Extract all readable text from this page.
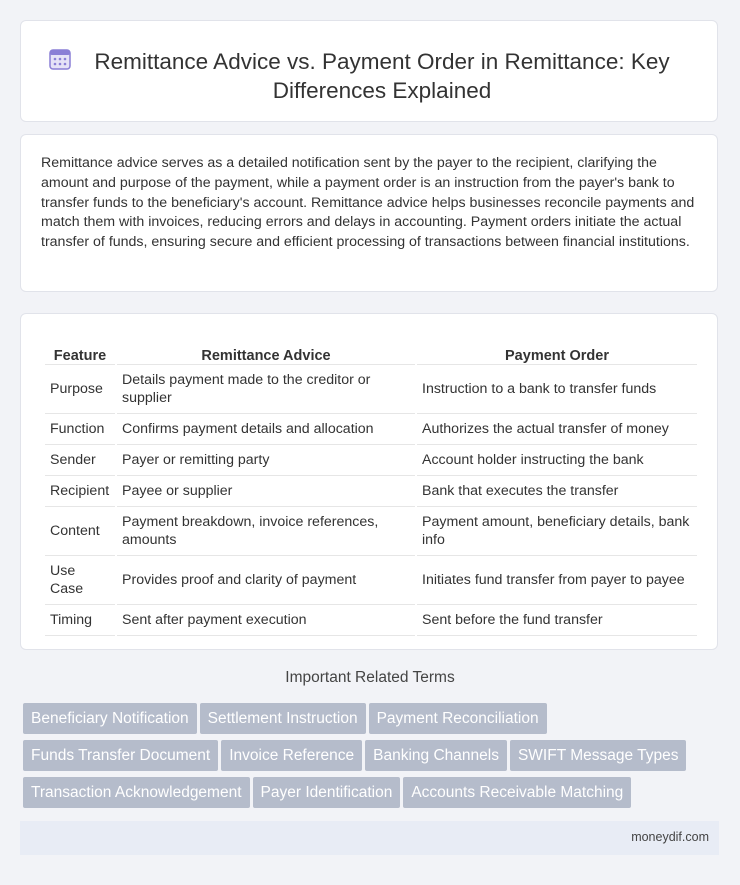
Remittance Advice vs. Payment Order in Remittance: Key Differences Explained

Remittance advice serves as a detailed notification sent by the payer to the recipient, clarifying the amount and purpose of the payment, while a payment order is an instruction from the payer's bank to transfer funds to the beneficiary's account. Remittance advice helps businesses reconcile payments and match them with invoices, reducing errors and delays in accounting. Payment orders initiate the actual transfer of funds, ensuring secure and efficient processing of transactions between financial institutions.

Feature	Remittance Advice	Payment Order
Purpose	Details payment made to the creditor or supplier	Instruction to a bank to transfer funds
Function	Confirms payment details and allocation	Authorizes the actual transfer of money
Sender	Payer or remitting party	Account holder instructing the bank
Recipient	Payee or supplier	Bank that executes the transfer
Content	Payment breakdown, invoice references, amounts	Payment amount, beneficiary details, bank info
Use Case	Provides proof and clarity of payment	Initiates fund transfer from payer to payee
Timing	Sent after payment execution	Sent before the fund transfer
Important Related Terms
Beneficiary Notification Settlement Instruction Payment ReconciliationFunds Transfer Document Invoice Reference Banking Channels SWIFT Message TypesTransaction Acknowledgement Payer Identification Accounts Receivable Matching
moneydif.com
